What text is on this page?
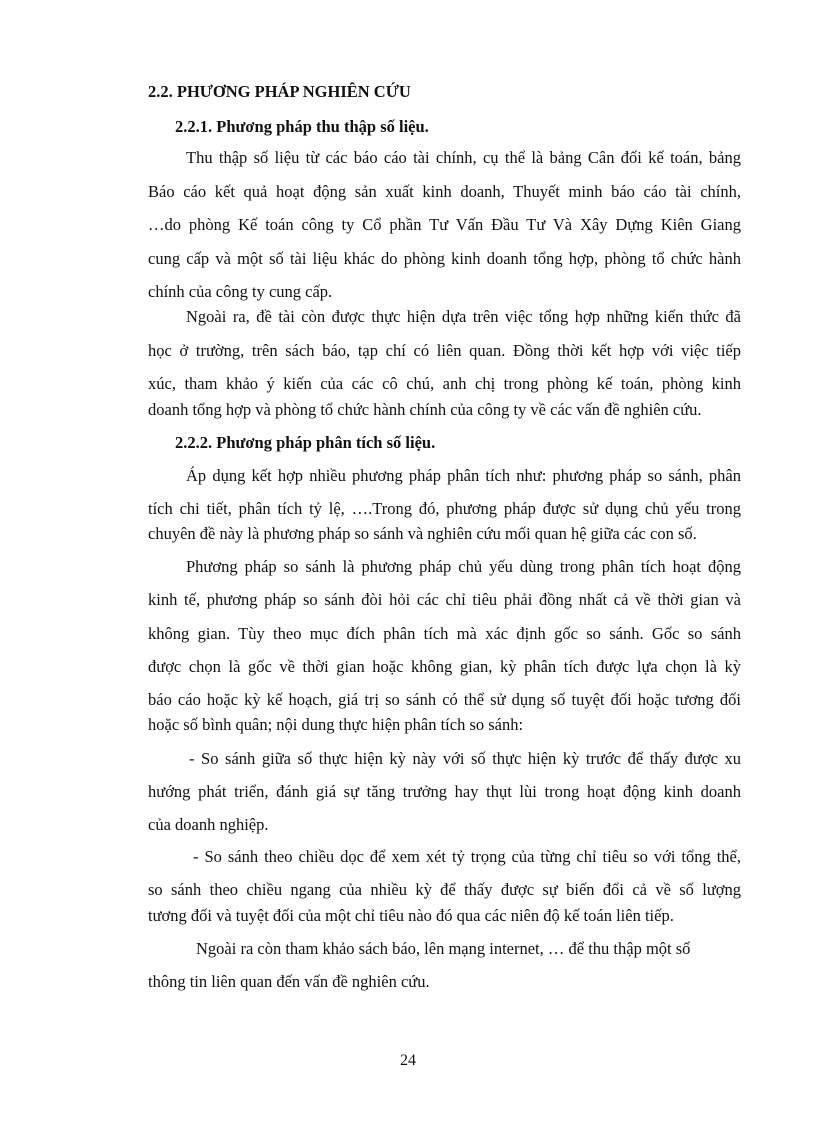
2.2. PHƯƠNG PHÁP NGHIÊN CỨU
2.2.1. Phương pháp thu thập số liệu.
Thu thập số liệu từ các báo cáo tài chính, cụ thể là bảng Cân đối kế toán, bảng
Báo cáo kết quả hoạt động sản xuất kinh doanh, Thuyết minh báo cáo tài chính,
…do phòng Kế toán công ty Cổ phần Tư Vấn Đầu Tư Và Xây Dựng Kiên Giang
cung cấp và một số tài liệu khác do phòng kinh doanh tổng hợp, phòng tổ chức hành
chính của công ty cung cấp.
Ngoài ra, đề tài còn được thực hiện dựa trên việc tổng hợp những kiến thức đã
học ở trường, trên sách báo, tạp chí có liên quan. Đồng thời kết hợp với việc tiếp
xúc, tham khảo ý kiến của các cô chú, anh chị trong phòng kế toán, phòng kinh
doanh tổng hợp và phòng tổ chức hành chính của công ty về các vấn đề nghiên cứu.
2.2.2. Phương pháp phân tích số liệu.
Áp dụng kết hợp nhiều phương pháp phân tích như: phương pháp so sánh, phân
tích chi tiết, phân tích tỷ lệ, ….Trong đó, phương pháp được sử dụng chủ yếu trong
chuyên đề này là phương pháp so sánh và nghiên cứu mối quan hệ giữa các con số.
Phương pháp so sánh là phương pháp chủ yếu dùng trong phân tích hoạt động
kinh tế, phương pháp so sánh đòi hỏi các chỉ tiêu phải đồng nhất cả về thời gian và
không gian. Tùy theo mục đích phân tích mà xác định gốc so sánh. Gốc so sánh
được chọn là gốc về thời gian hoặc không gian, kỳ phân tích được lựa chọn là kỳ
báo cáo hoặc kỳ kế hoạch, giá trị so sánh có thể sử dụng số tuyệt đối hoặc tương đối
hoặc số bình quân; nội dung thực hiện phân tích so sánh:
- So sánh giữa số thực hiện kỳ này với số thực hiện kỳ trước để thấy được xu
hướng phát triển, đánh giá sự tăng trưởng hay thụt lùi trong hoạt động kinh doanh
của doanh nghiệp.
- So sánh theo chiều dọc để xem xét tỷ trọng của từng chỉ tiêu so với tổng thể,
so sánh theo chiều ngang của nhiều kỳ để thấy được sự biến đổi cả về số lượng
tương đối và tuyệt đối của một chỉ tiêu nào đó qua các niên độ kế toán liên tiếp.
Ngoài ra còn tham khảo sách báo, lên mạng internet, … để thu thập một số
thông tin liên quan đến vấn đề nghiên cứu.
24
